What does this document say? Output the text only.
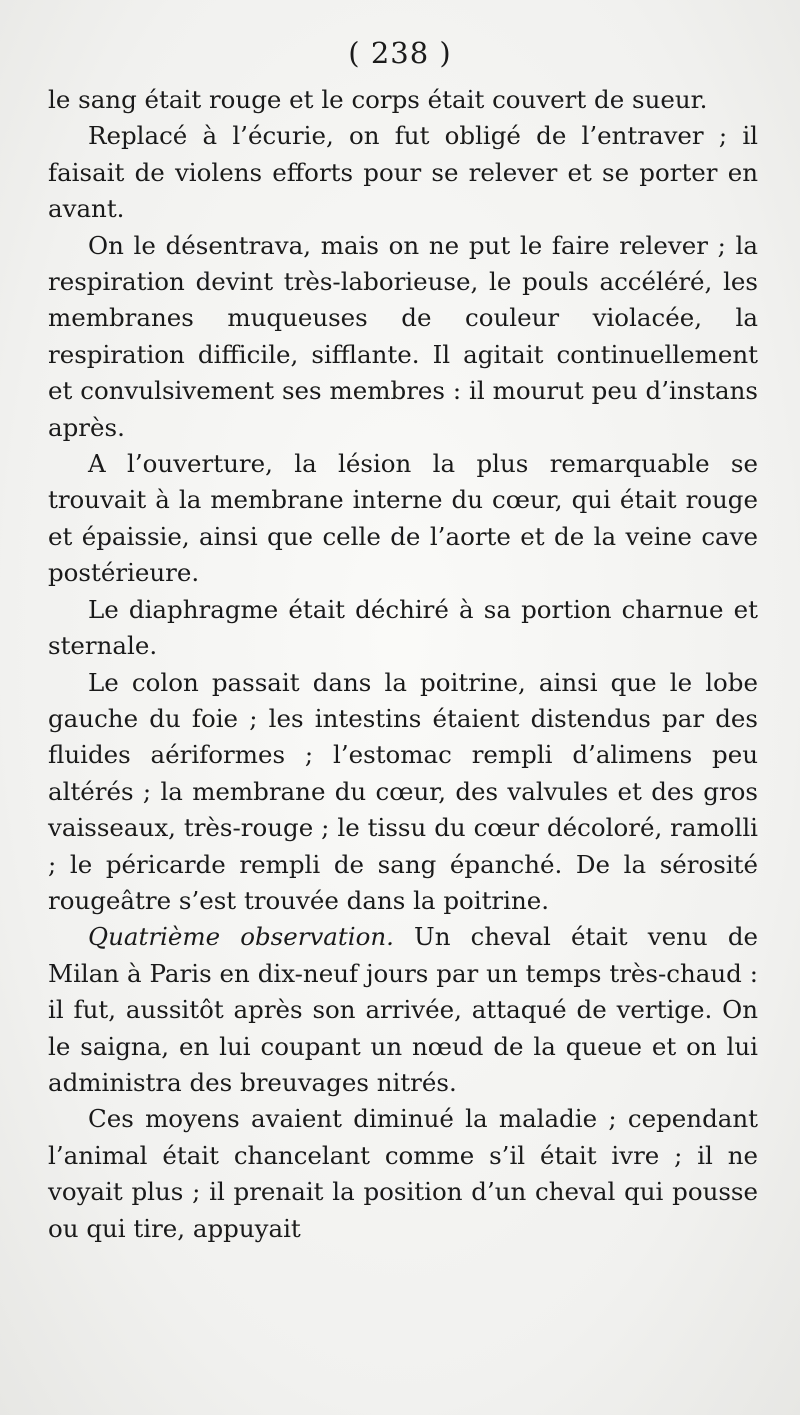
( 238 )

le sang était rouge et le corps était couvert de sueur.

Replacé à l’écurie, on fut obligé de l’entraver ; il faisait de violens efforts pour se relever et se porter en avant.

On le désentrava, mais on ne put le faire relever ; la respiration devint très-laborieuse, le pouls accéléré, les membranes muqueuses de couleur violacée, la respiration difficile, sifflante. Il agitait continuellement et convulsivement ses membres : il mourut peu d’instans après.

A l’ouverture, la lésion la plus remarquable se trouvait à la membrane interne du cœur, qui était rouge et épaissie, ainsi que celle de l’aorte et de la veine cave postérieure.

Le diaphragme était déchiré à sa portion charnue et sternale.

Le colon passait dans la poitrine, ainsi que le lobe gauche du foie ; les intestins étaient distendus par des fluides aériformes ; l’estomac rempli d’alimens peu altérés ; la membrane du cœur, des valvules et des gros vaisseaux, très-rouge ; le tissu du cœur décoloré, ramolli ; le péricarde rempli de sang épanché. De la sérosité rougeâtre s’est trouvée dans la poitrine.

Quatrième observation. Un cheval était venu de Milan à Paris en dix-neuf jours par un temps très-chaud : il fut, aussitôt après son arrivée, attaqué de vertige. On le saigna, en lui coupant un nœud de la queue et on lui administra des breuvages nitrés.

Ces moyens avaient diminué la maladie ; cependant l’animal était chancelant comme s’il était ivre ; il ne voyait plus ; il prenait la position d’un cheval qui pousse ou qui tire, appuyait
